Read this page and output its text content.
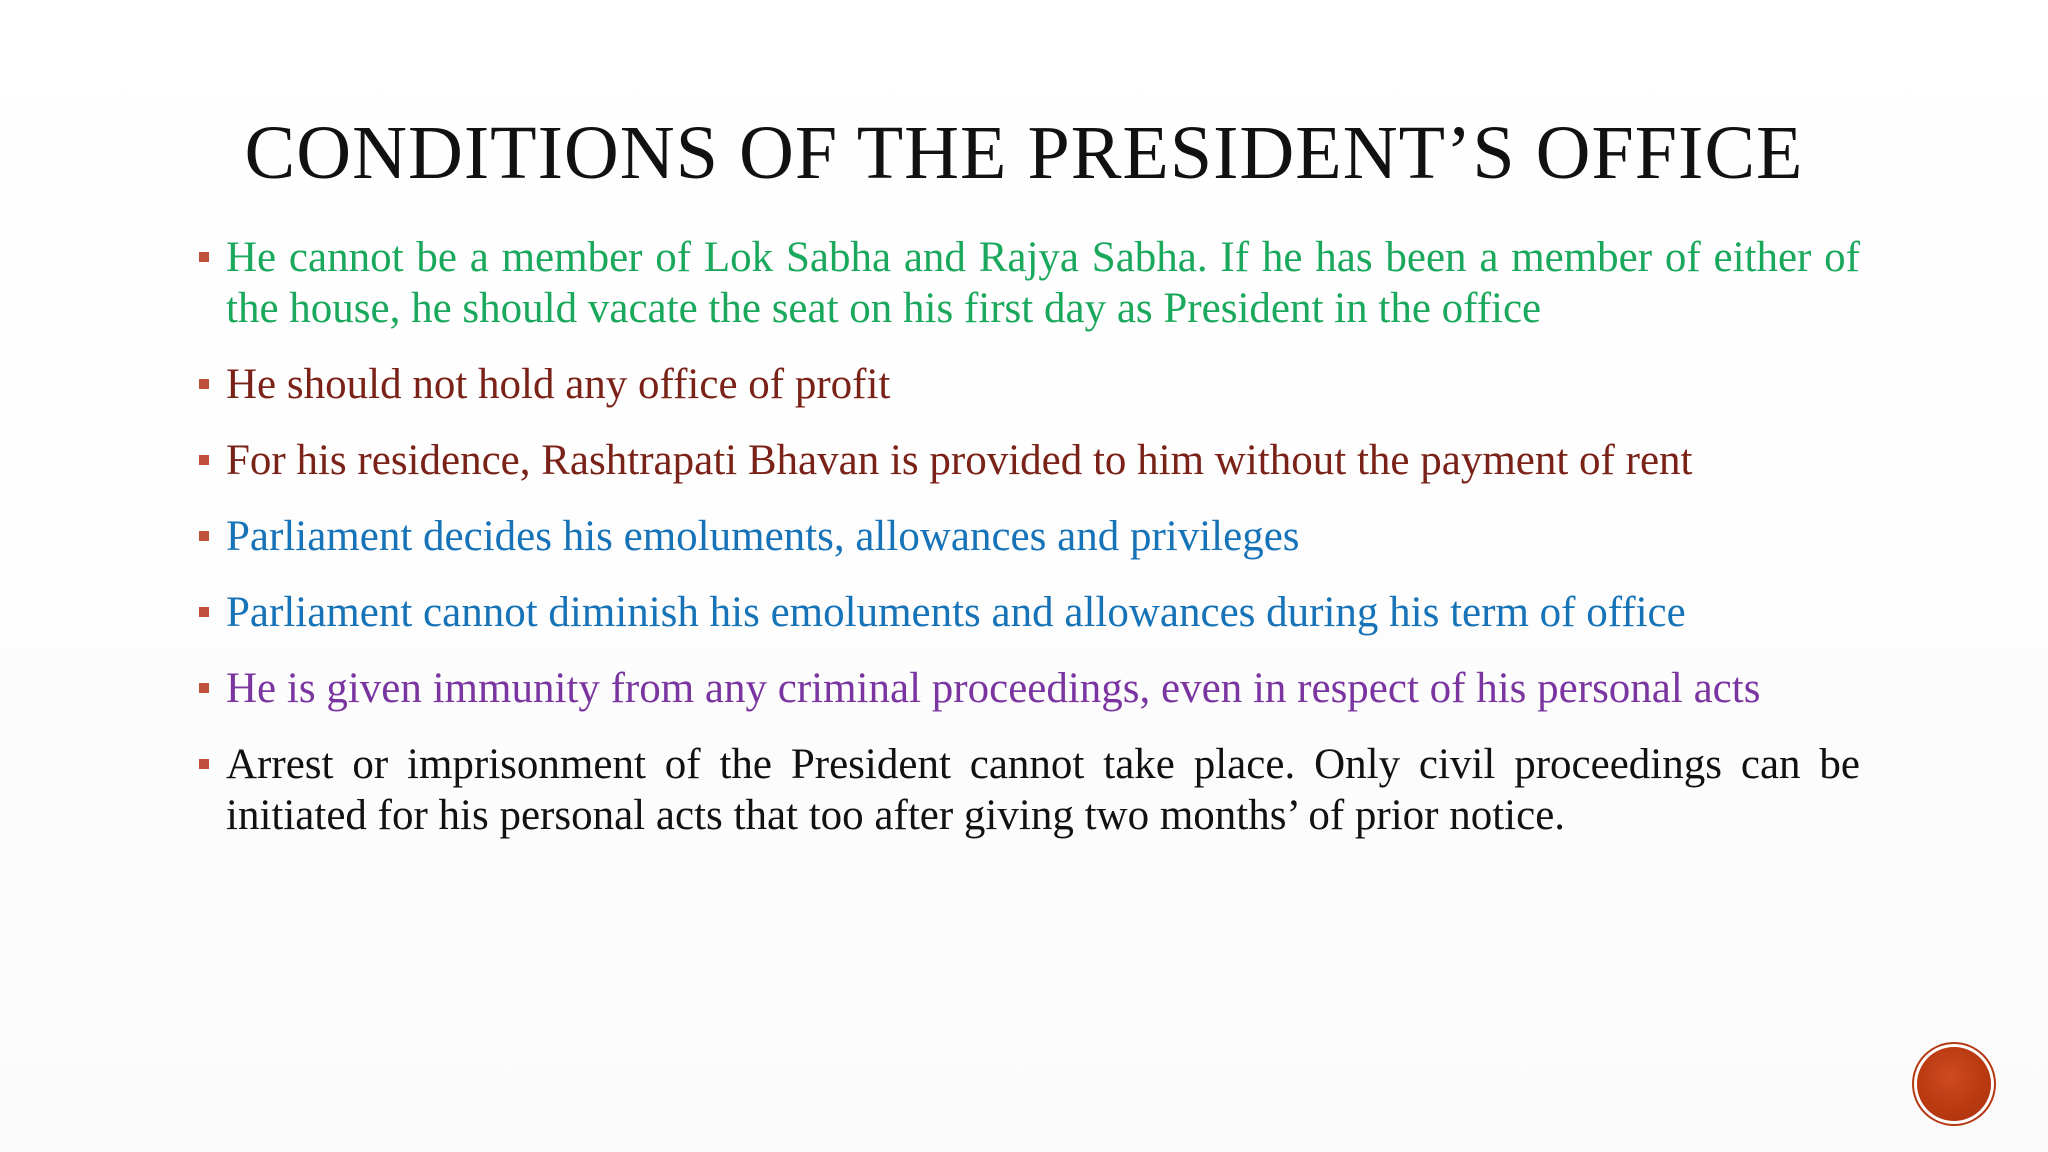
CONDITIONS OF THE PRESIDENT’S OFFICE
He cannot be a member of Lok Sabha and Rajya Sabha. If he has been a member of either of the house, he should vacate the seat on his first day as President in the office
He should not hold any office of profit
For his residence, Rashtrapati Bhavan is provided to him without the payment of rent
Parliament decides his emoluments, allowances and privileges
Parliament cannot diminish his emoluments and allowances during his term of office
He is given immunity from any criminal proceedings, even in respect of his personal acts
Arrest or imprisonment of the President cannot take place. Only civil proceedings can be initiated for his personal acts that too after giving two months’ of prior notice.
